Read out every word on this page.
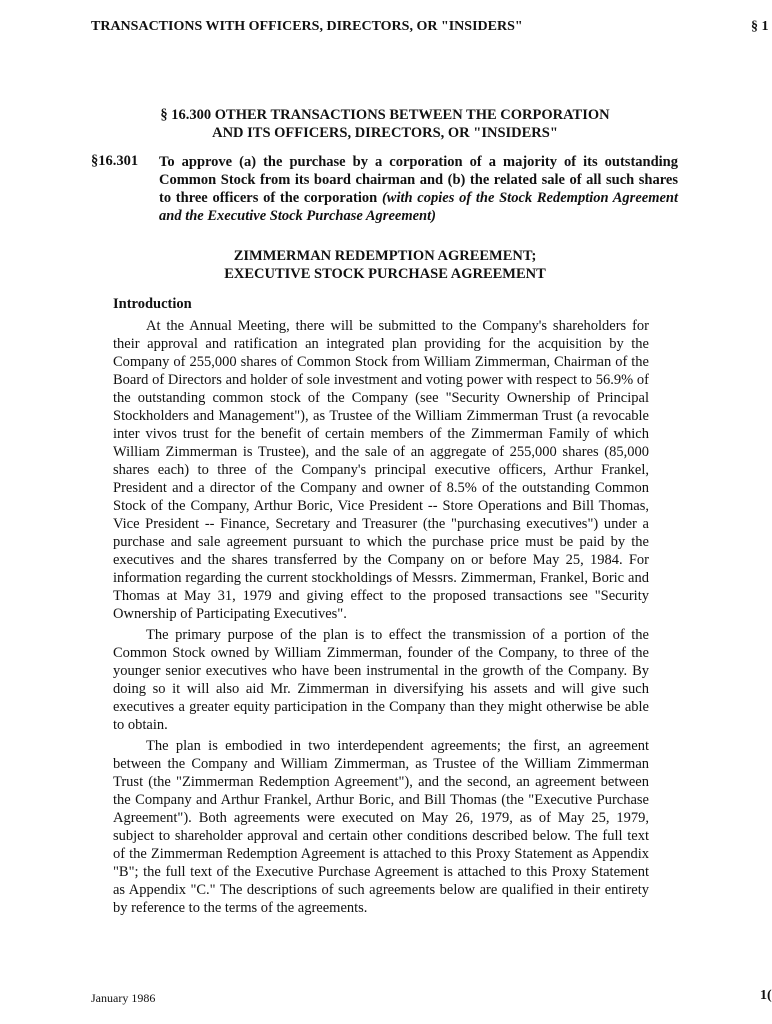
TRANSACTIONS WITH OFFICERS, DIRECTORS, OR "INSIDERS"	§ 1
§ 16.300 OTHER TRANSACTIONS BETWEEN THE CORPORATION
AND ITS OFFICERS, DIRECTORS, OR "INSIDERS"
§16.301 To approve (a) the purchase by a corporation of a majority of its outstanding Common Stock from its board chairman and (b) the related sale of all such shares to three officers of the corporation (with copies of the Stock Redemption Agreement and the Executive Stock Purchase Agreement)
ZIMMERMAN REDEMPTION AGREEMENT;
EXECUTIVE STOCK PURCHASE AGREEMENT
Introduction

At the Annual Meeting, there will be submitted to the Company's shareholders for their approval and ratification an integrated plan providing for the acquisition by the Company of 255,000 shares of Common Stock from William Zimmerman, Chairman of the Board of Directors and holder of sole investment and voting power with respect to 56.9% of the outstanding common stock of the Company (see "Security Ownership of Principal Stockholders and Management"), as Trustee of the William Zimmerman Trust (a revocable inter vivos trust for the benefit of certain members of the Zimmerman Family of which William Zimmerman is Trustee), and the sale of an aggregate of 255,000 shares (85,000 shares each) to three of the Company's principal executive officers, Arthur Frankel, President and a director of the Company and owner of 8.5% of the outstanding Common Stock of the Company, Arthur Boric, Vice President -- Store Operations and Bill Thomas, Vice President -- Finance, Secretary and Treasurer (the "purchasing executives") under a purchase and sale agreement pursuant to which the purchase price must be paid by the executives and the shares transferred by the Company on or before May 25, 1984. For information regarding the current stockholdings of Messrs. Zimmerman, Frankel, Boric and Thomas at May 31, 1979 and giving effect to the proposed transactions see "Security Ownership of Participating Executives".

The primary purpose of the plan is to effect the transmission of a portion of the Common Stock owned by William Zimmerman, founder of the Company, to three of the younger senior executives who have been instrumental in the growth of the Company. By doing so it will also aid Mr. Zimmerman in diversifying his assets and will give such executives a greater equity participation in the Company than they might otherwise be able to obtain.

The plan is embodied in two interdependent agreements; the first, an agreement between the Company and William Zimmerman, as Trustee of the William Zimmerman Trust (the "Zimmerman Redemption Agreement"), and the second, an agreement between the Company and Arthur Frankel, Arthur Boric, and Bill Thomas (the "Executive Purchase Agreement"). Both agreements were executed on May 26, 1979, as of May 25, 1979, subject to shareholder approval and certain other conditions described below. The full text of the Zimmerman Redemption Agreement is attached to this Proxy Statement as Appendix "B"; the full text of the Executive Purchase Agreement is attached to this Proxy Statement as Appendix "C." The descriptions of such agreements below are qualified in their entirety by reference to the terms of the agreements.

January 1986	1(
